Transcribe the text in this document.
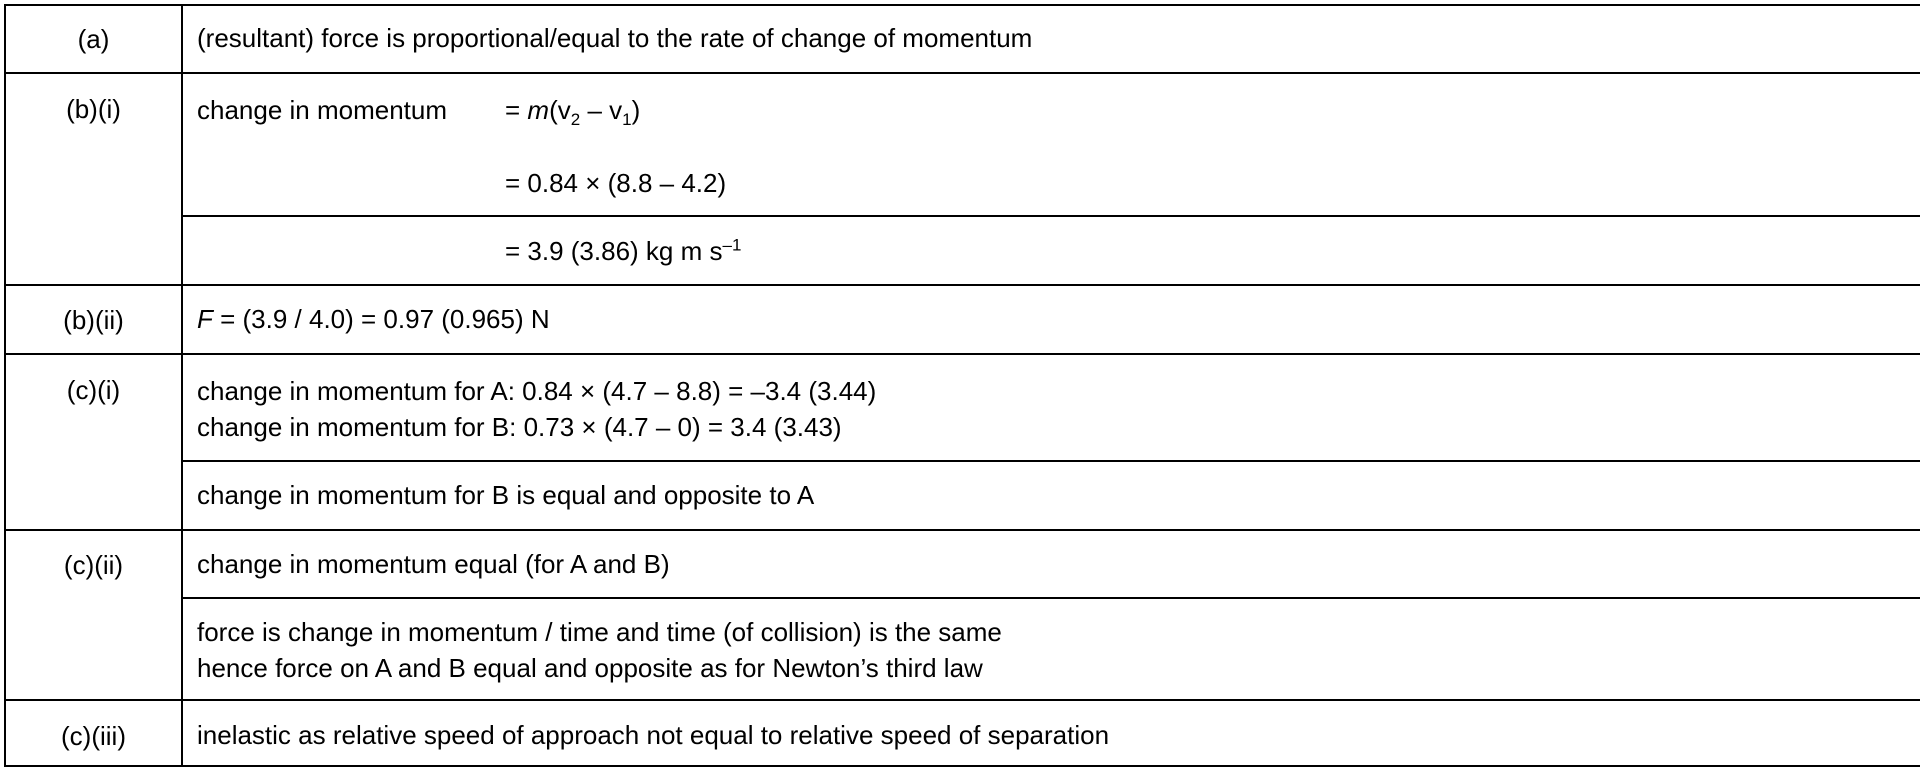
(a)	(resultant) force is proportional/equal to the rate of change of momentum
(b)(i)	change in momentum = $m(v_2 - v_1)$
= 0.84 × (8.8 – 4.2)
= 3.9 (3.86) kg m $s^{-1}$
(b)(ii)	F = (3.9 / 4.0) = 0.97 (0.965) N
(c)(i)	change in momentum for A: 0.84 × (4.7 – 8.8) = –3.4 (3.44)
change in momentum for B: 0.73 × (4.7 – 0) = 3.4 (3.43)
change in momentum for B is equal and opposite to A
(c)(ii)	change in momentum equal (for A and B)
force is change in momentum / time and time (of collision) is the same
hence force on A and B equal and opposite as for Newton’s third law
(c)(iii)	inelastic as relative speed of approach not equal to relative speed of separation
